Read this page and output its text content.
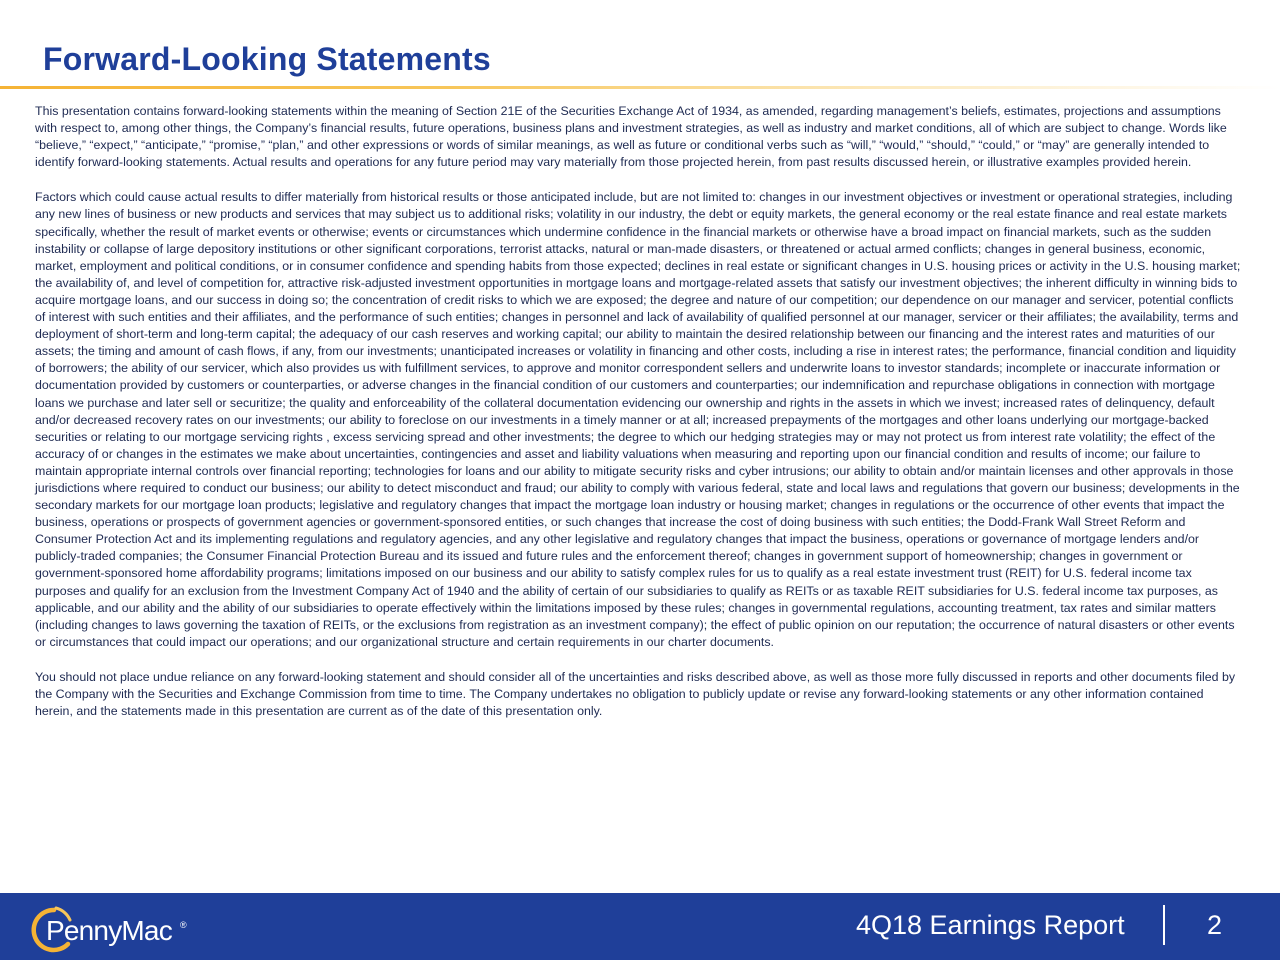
Forward-Looking Statements

This presentation contains forward-looking statements within the meaning of Section 21E of the Securities Exchange Act of 1934, as amended, regarding management’s beliefs, estimates, projections and assumptions with respect to, among other things, the Company’s financial results, future operations, business plans and investment strategies, as well as industry and market conditions, all of which are subject to change. Words like “believe,” “expect,” “anticipate,” “promise,” “plan,” and other expressions or words of similar meanings, as well as future or conditional verbs such as “will,” “would,” “should,” “could,” or “may” are generally intended to identify forward-looking statements. Actual results and operations for any future period may vary materially from those projected herein, from past results discussed herein, or illustrative examples provided herein.

Factors which could cause actual results to differ materially from historical results or those anticipated include, but are not limited to: changes in our investment objectives or investment or operational strategies, including any new lines of business or new products and services that may subject us to additional risks; volatility in our industry, the debt or equity markets, the general economy or the real estate finance and real estate markets specifically, whether the result of market events or otherwise; events or circumstances which undermine confidence in the financial markets or otherwise have a broad impact on financial markets, such as the sudden instability or collapse of large depository institutions or other significant corporations, terrorist attacks, natural or man-made disasters, or threatened or actual armed conflicts; changes in general business, economic, market, employment and political conditions, or in consumer confidence and spending habits from those expected; declines in real estate or significant changes in U.S. housing prices or activity in the U.S. housing market; the availability of, and level of competition for, attractive risk-adjusted investment opportunities in mortgage loans and mortgage-related assets that satisfy our investment objectives; the inherent difficulty in winning bids to acquire mortgage loans, and our success in doing so; the concentration of credit risks to which we are exposed; the degree and nature of our competition; our dependence on our manager and servicer, potential conflicts of interest with such entities and their affiliates, and the performance of such entities; changes in personnel and lack of availability of qualified personnel at our manager, servicer or their affiliates; the availability, terms and deployment of short-term and long-term capital; the adequacy of our cash reserves and working capital; our ability to maintain the desired relationship between our financing and the interest rates and maturities of our assets; the timing and amount of cash flows, if any, from our investments; unanticipated increases or volatility in financing and other costs, including a rise in interest rates; the performance, financial condition and liquidity of borrowers; the ability of our servicer, which also provides us with fulfillment services, to approve and monitor correspondent sellers and underwrite loans to investor standards; incomplete or inaccurate information or documentation provided by customers or counterparties, or adverse changes in the financial condition of our customers and counterparties; our indemnification and repurchase obligations in connection with mortgage loans we purchase and later sell or securitize; the quality and enforceability of the collateral documentation evidencing our ownership and rights in the assets in which we invest; increased rates of delinquency, default and/or decreased recovery rates on our investments; our ability to foreclose on our investments in a timely manner or at all; increased prepayments of the mortgages and other loans underlying our mortgage-backed securities or relating to our mortgage servicing rights , excess servicing spread and other investments; the degree to which our hedging strategies may or may not protect us from interest rate volatility; the effect of the accuracy of or changes in the estimates we make about uncertainties, contingencies and asset and liability valuations when measuring and reporting upon our financial condition and results of income; our failure to maintain appropriate internal controls over financial reporting; technologies for loans and our ability to mitigate security risks and cyber intrusions; our ability to obtain and/or maintain licenses and other approvals in those jurisdictions where required to conduct our business; our ability to detect misconduct and fraud; our ability to comply with various federal, state and local laws and regulations that govern our business; developments in the secondary markets for our mortgage loan products; legislative and regulatory changes that impact the mortgage loan industry or housing market; changes in regulations or the occurrence of other events that impact the business, operations or prospects of government agencies or government-sponsored entities, or such changes that increase the cost of doing business with such entities; the Dodd-Frank Wall Street Reform and Consumer Protection Act and its implementing regulations and regulatory agencies, and any other legislative and regulatory changes that impact the business, operations or governance of mortgage lenders and/or publicly-traded companies; the Consumer Financial Protection Bureau and its issued and future rules and the enforcement thereof; changes in government support of homeownership; changes in government or government-sponsored home affordability programs; limitations imposed on our business and our ability to satisfy complex rules for us to qualify as a real estate investment trust (REIT) for U.S. federal income tax purposes and qualify for an exclusion from the Investment Company Act of 1940 and the ability of certain of our subsidiaries to qualify as REITs or as taxable REIT subsidiaries for U.S. federal income tax purposes, as applicable, and our ability and the ability of our subsidiaries to operate effectively within the limitations imposed by these rules; changes in governmental regulations, accounting treatment, tax rates and similar matters (including changes to laws governing the taxation of REITs, or the exclusions from registration as an investment company); the effect of public opinion on our reputation; the occurrence of natural disasters or other events or circumstances that could impact our operations; and our organizational structure and certain requirements in our charter documents.

You should not place undue reliance on any forward-looking statement and should consider all of the uncertainties and risks described above, as well as those more fully discussed in reports and other documents filed by the Company with the Securities and Exchange Commission from time to time. The Company undertakes no obligation to publicly update or revise any forward-looking statements or any other information contained herein, and the statements made in this presentation are current as of the date of this presentation only.

PennyMac ®	4Q18 Earnings Report	2
